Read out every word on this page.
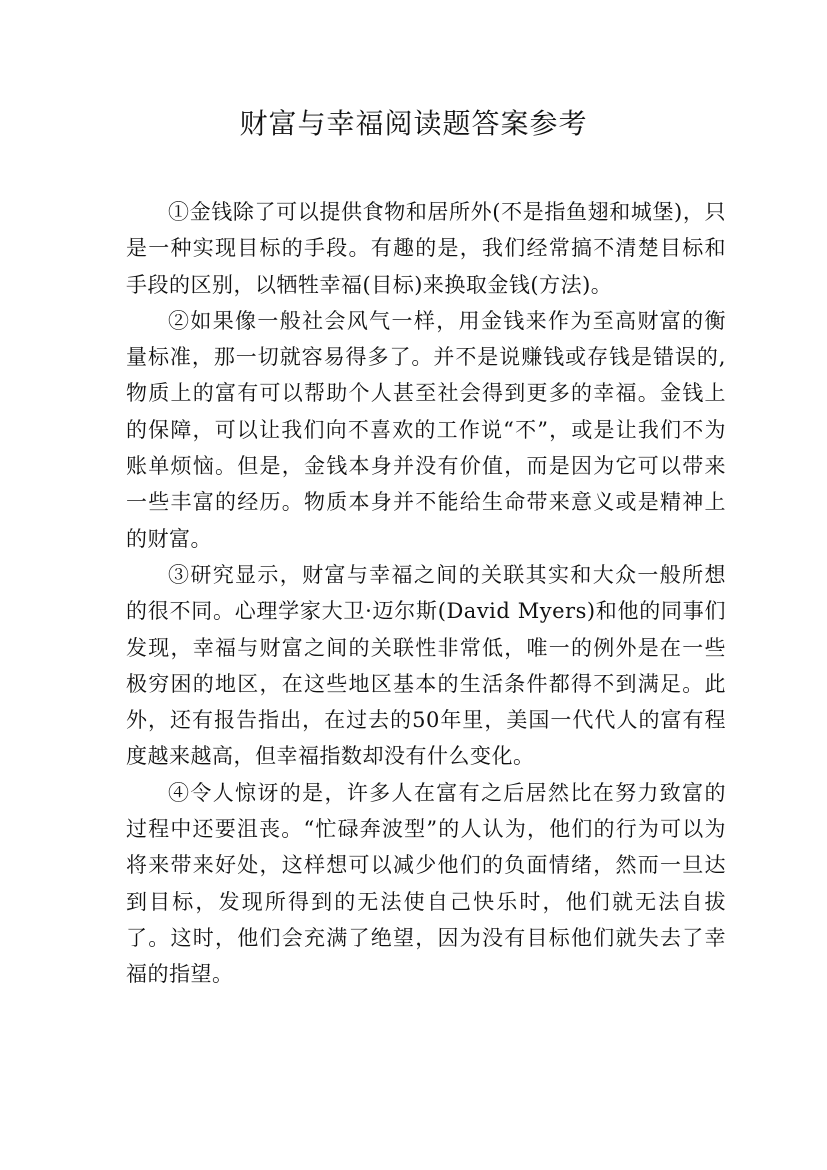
财富与幸福阅读题答案参考

①金钱除了可以提供食物和居所外(不是指鱼翅和城堡)，只是一种实现目标的手段。有趣的是，我们经常搞不清楚目标和手段的区别，以牺牲幸福(目标)来换取金钱(方法)。

②如果像一般社会风气一样，用金钱来作为至高财富的衡量标准，那一切就容易得多了。并不是说赚钱或存钱是错误的,物质上的富有可以帮助个人甚至社会得到更多的幸福。金钱上的保障，可以让我们向不喜欢的工作说“不”，或是让我们不为账单烦恼。但是，金钱本身并没有价值，而是因为它可以带来一些丰富的经历。物质本身并不能给生命带来意义或是精神上的财富。

③研究显示，财富与幸福之间的关联其实和大众一般所想的很不同。心理学家大卫·迈尔斯(David Myers)和他的同事们发现，幸福与财富之间的关联性非常低，唯一的例外是在一些极穷困的地区，在这些地区基本的生活条件都得不到满足。此外，还有报告指出，在过去的50年里，美国一代代人的富有程度越来越高，但幸福指数却没有什么变化。

④令人惊讶的是，许多人在富有之后居然比在努力致富的过程中还要沮丧。“忙碌奔波型”的人认为，他们的行为可以为将来带来好处，这样想可以减少他们的负面情绪，然而一旦达到目标，发现所得到的无法使自己快乐时，他们就无法自拔了。这时，他们会充满了绝望，因为没有目标他们就失去了幸福的指望。
